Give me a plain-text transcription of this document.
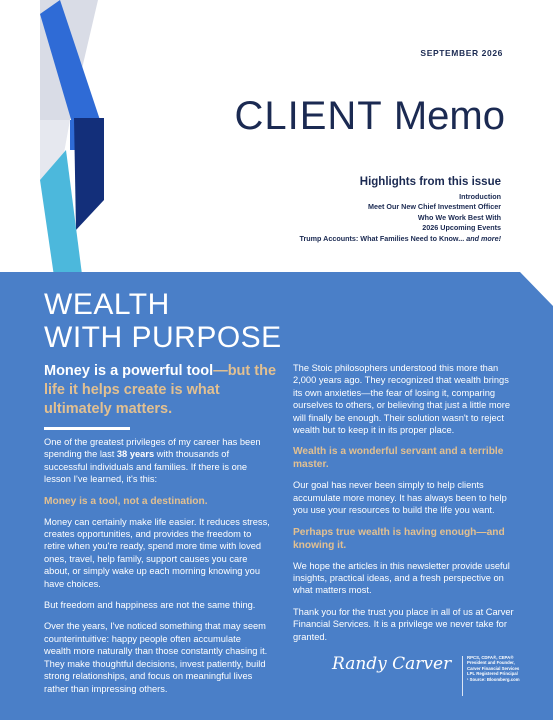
SEPTEMBER 2026
CLIENT Memo
Highlights from this issue
Introduction
Meet Our New Chief Investment Officer
Who We Work Best With
2026 Upcoming Events
Trump Accounts: What Families Need to Know... and more!
WEALTH
WITH PURPOSE
Money is a powerful tool—but the life it helps create is what ultimately matters.

One of the greatest privileges of my career has been spending the last 38 years with thousands of successful individuals and families. If there is one lesson I've learned, it's this:

Money is a tool, not a destination.

Money can certainly make life easier. It reduces stress, creates opportunities, and provides the freedom to retire when you're ready, spend more time with loved ones, travel, help family, support causes you care about, or simply wake up each morning knowing you have choices.

But freedom and happiness are not the same thing.

Over the years, I've noticed something that may seem counterintuitive: happy people often accumulate wealth more naturally than those constantly chasing it. They make thoughtful decisions, invest patiently, build strong relationships, and focus on meaningful lives rather than impressing others.

The Stoic philosophers understood this more than 2,000 years ago. They recognized that wealth brings its own anxieties—the fear of losing it, comparing ourselves to others, or believing that just a little more will finally be enough. Their solution wasn't to reject wealth but to keep it in its proper place.

Wealth is a wonderful servant and a terrible master.

Our goal has never been simply to help clients accumulate more money. It has always been to help you use your resources to build the life you want.

Perhaps true wealth is having enough—and knowing it.

We hope the articles in this newsletter provide useful insights, practical ideas, and a fresh perspective on what matters most.

Thank you for the trust you place in all of us at Carver Financial Services. It is a privilege we never take for granted.

Randy Carver	RPCS, CDFA®, CEPA®
President and Founder,
Carver Financial Services
LPL Registered Principal
¹ Source: Bloomberg.com
